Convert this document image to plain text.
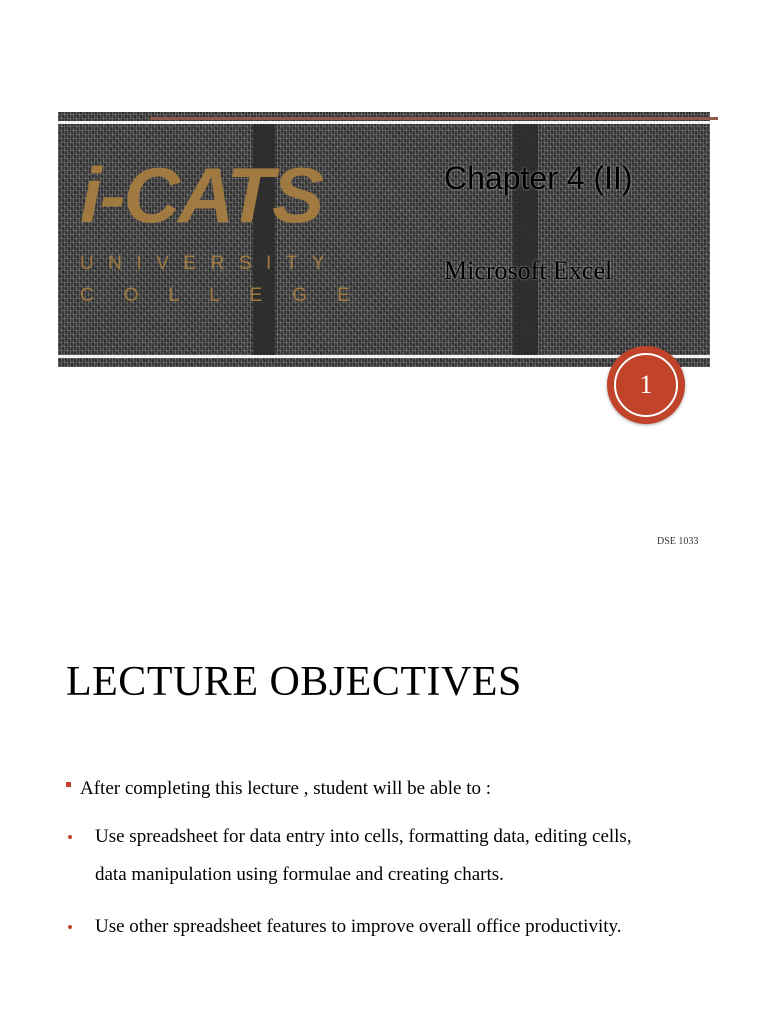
i-CATS
UNIVERSITY
COLLEGE
Chapter 4 (II)
Microsoft Excel
1
DSE 1033
LECTURE OBJECTIVES
After completing this lecture , student will be able to :
Use spreadsheet for data entry into cells, formatting data, editing cells,
data manipulation using formulae and creating charts.
Use other spreadsheet features to improve overall office productivity.
